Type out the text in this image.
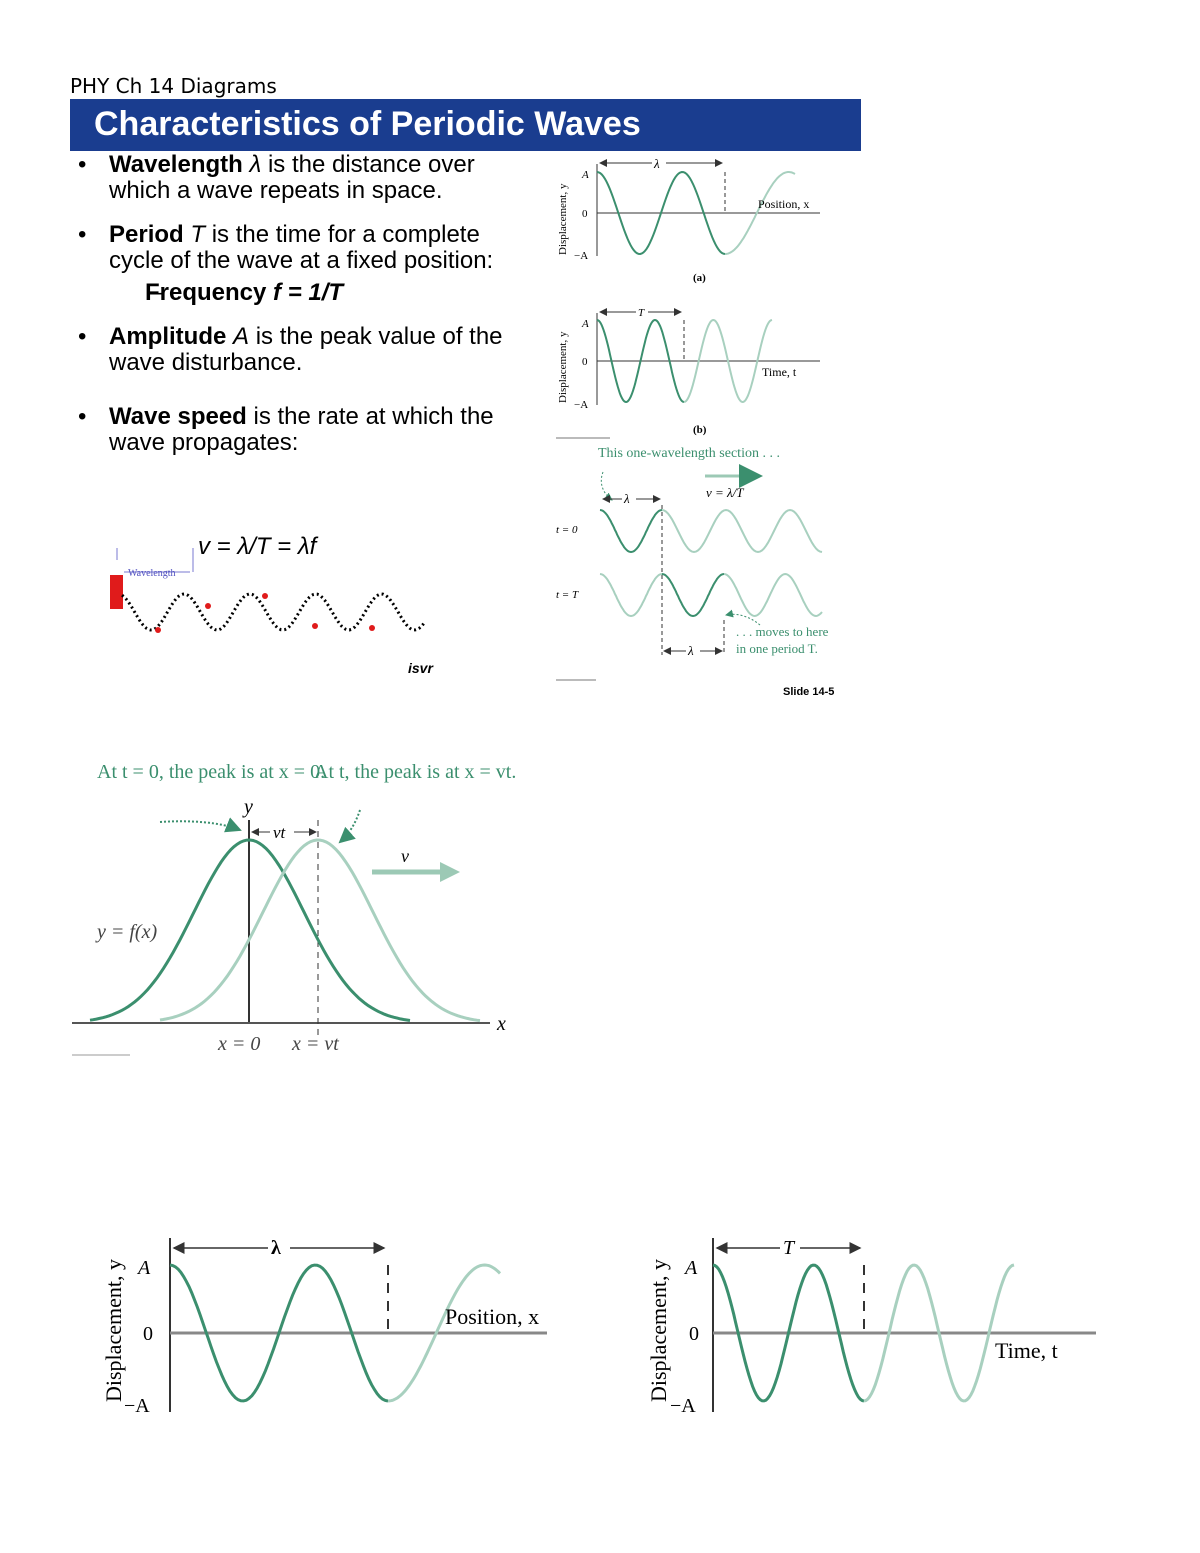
PHY Ch 14 Diagrams
Characteristics of Periodic Waves
• Wavelength λ is the distance over which a wave repeats in space.
• Period T is the time for a complete cycle of the wave at a fixed position:
– Frequency f = 1/T
• Amplitude A is the peak value of the wave disturbance.
• Wave speed is the rate at which the wave propagates:
v = λ/T = λf
isvr
Wavelength
Displacement, y
A
0
−A
λ
Position, x
(a)
Displacement, y
A
0
−A
T
Time, t
(b)
This one-wavelength section . . .
v = λ/T
λ
t = 0
t = T
λ
. . . moves to here in one period T.
Slide 14-5
At t = 0, the peak is at x = 0.
At t, the peak is at x = vt.
y
x
vt
v
y = f(x)
x = 0 x = vt
Displacement, y A
0
−A
λ
Position, x	Displacement, y A
0
−A
T
Time, t
